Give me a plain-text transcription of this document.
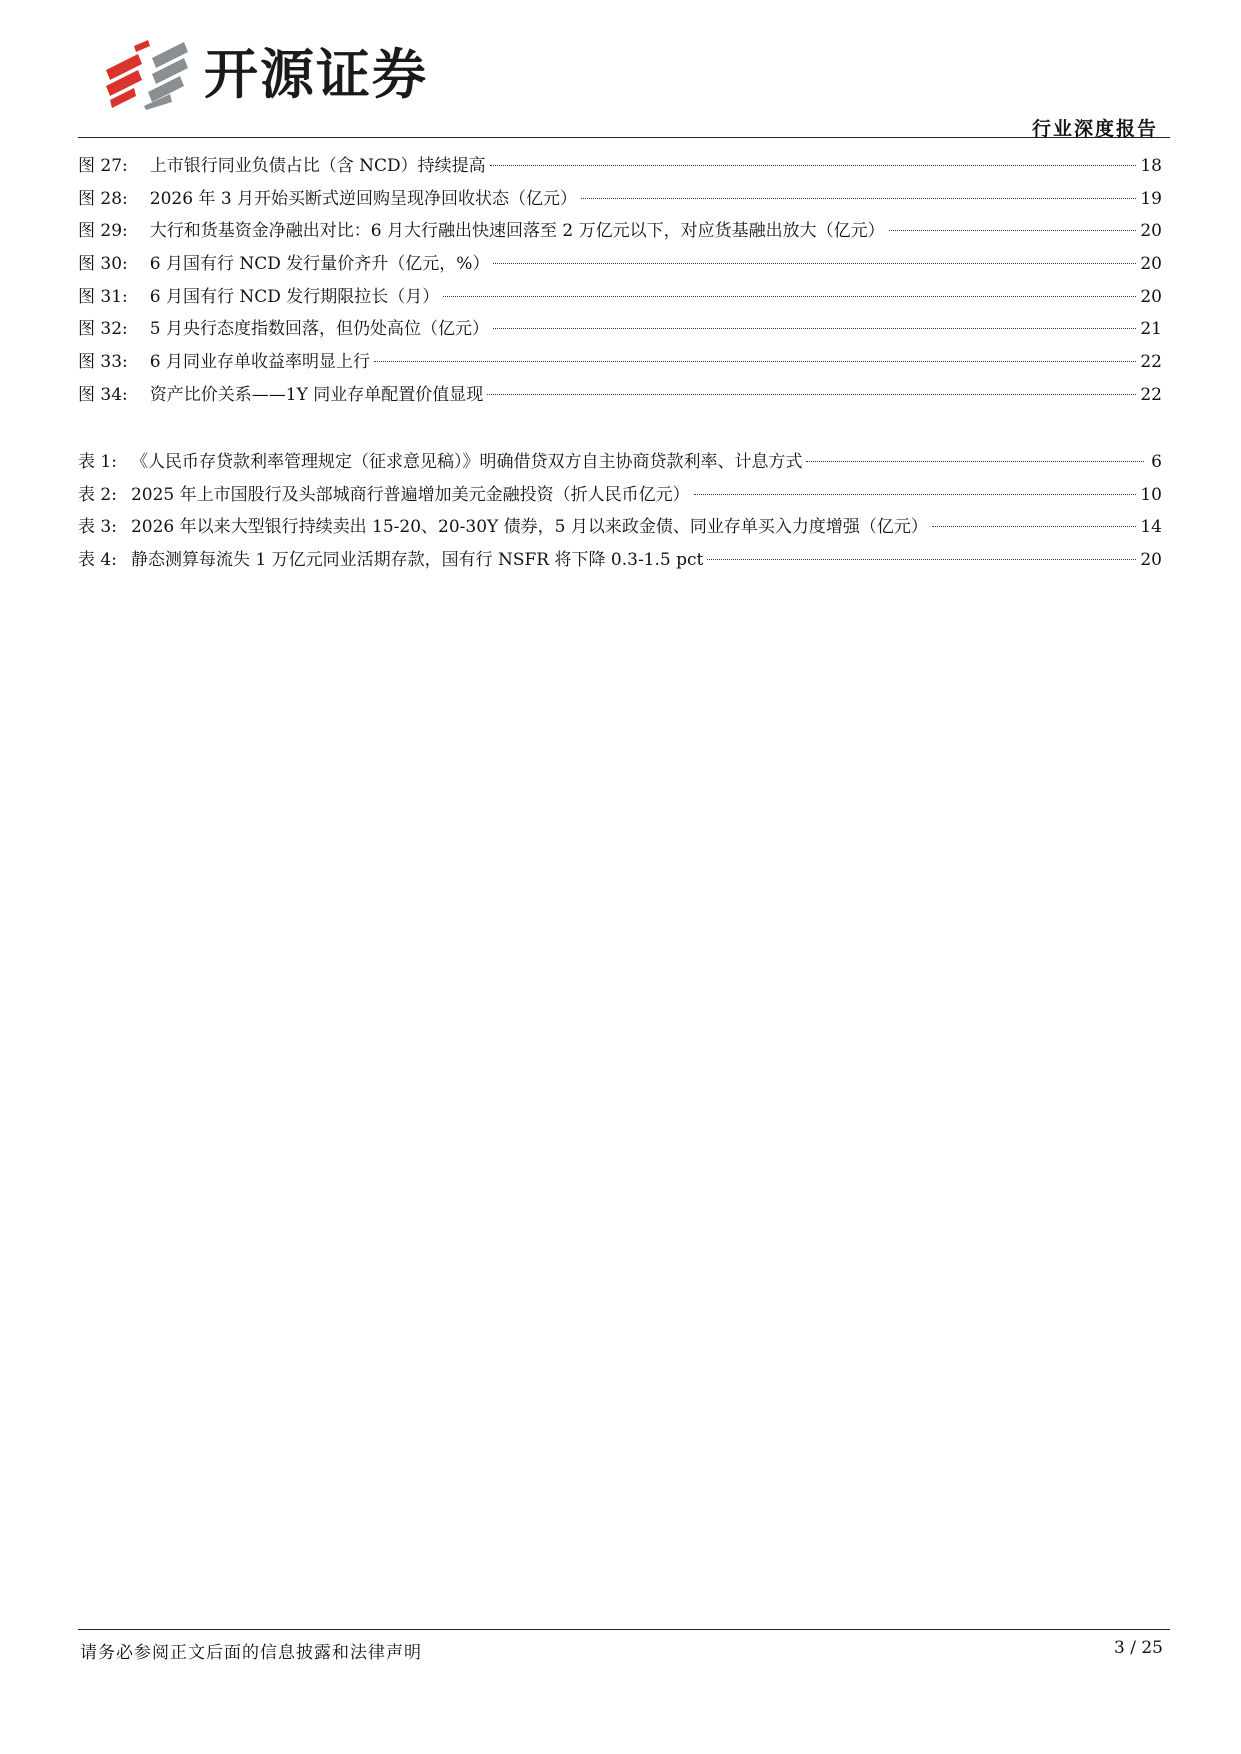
开源证券
行业深度报告
图 27: 上市银行同业负债占比（含 NCD）持续提高	18
图 28: 2026 年 3 月开始买断式逆回购呈现净回收状态（亿元）	19
图 29: 大行和货基资金净融出对比：6 月大行融出快速回落至 2 万亿元以下，对应货基融出放大（亿元）	20
图 30: 6 月国有行 NCD 发行量价齐升（亿元，%）	20
图 31: 6 月国有行 NCD 发行期限拉长（月）	20
图 32: 5 月央行态度指数回落，但仍处高位（亿元）	21
图 33: 6 月同业存单收益率明显上行	22
图 34: 资产比价关系——1Y 同业存单配置价值显现	22
表 1: 《人民币存贷款利率管理规定（征求意见稿）》明确借贷双方自主协商贷款利率、计息方式	6
表 2: 2025 年上市国股行及头部城商行普遍增加美元金融投资（折人民币亿元）	10
表 3: 2026 年以来大型银行持续卖出 15-20、20-30Y 债券，5 月以来政金债、同业存单买入力度增强（亿元）	14
表 4: 静态测算每流失 1 万亿元同业活期存款，国有行 NSFR 将下降 0.3-1.5 pct	20
请务必参阅正文后面的信息披露和法律声明	3 / 25
